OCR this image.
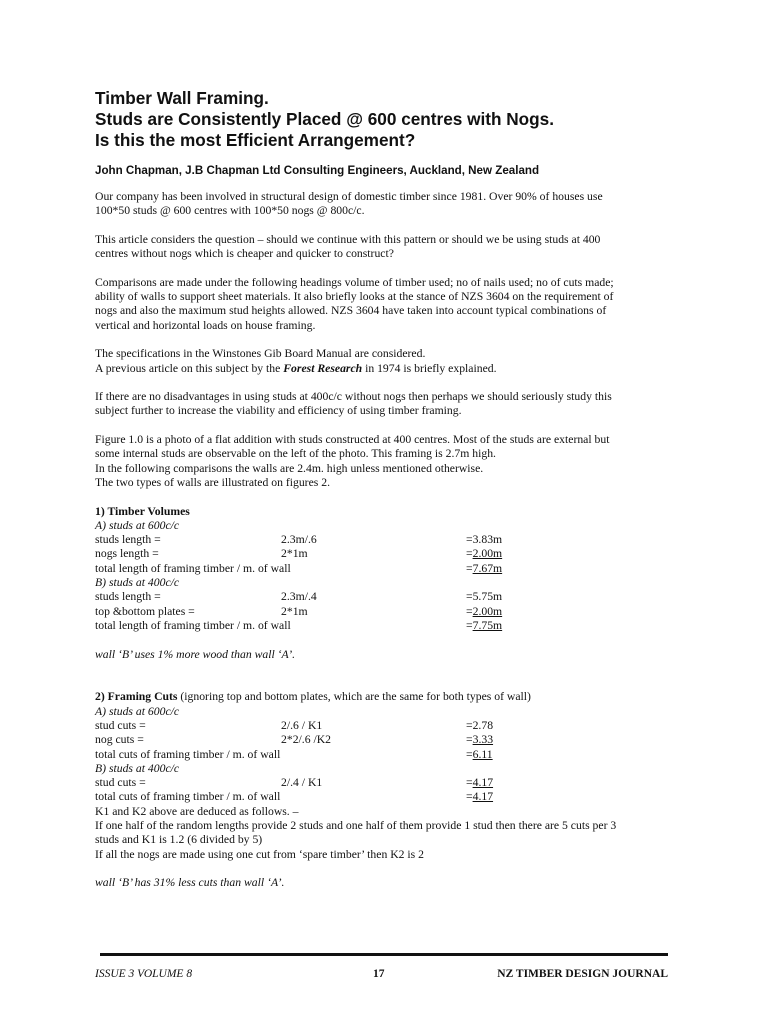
Timber Wall Framing.
Studs are Consistently Placed @ 600 centres with Nogs.
Is this the most Efficient Arrangement?
John Chapman, J.B Chapman Ltd Consulting Engineers, Auckland, New Zealand

Our company has been involved in structural design of domestic timber since 1981. Over 90% of houses use
100*50 studs @ 600 centres with 100*50 nogs @ 800c/c.

This article considers the question – should we continue with this pattern or should we be using studs at 400
centres without nogs which is cheaper and quicker to construct?

Comparisons are made under the following headings volume of timber used; no of nails used; no of cuts made;
ability of walls to support sheet materials. It also briefly looks at the stance of NZS 3604 on the requirement of
nogs and also the maximum stud heights allowed. NZS 3604 have taken into account typical combinations of
vertical and horizontal loads on house framing.

The specifications in the Winstones Gib Board Manual are considered.
A previous article on this subject by the Forest Research in 1974 is briefly explained.

If there are no disadvantages in using studs at 400c/c without nogs then perhaps we should seriously study this
subject further to increase the viability and efficiency of using timber framing.

Figure 1.0 is a photo of a flat addition with studs constructed at 400 centres. Most of the studs are external but
some internal studs are observable on the left of the photo. This framing is 2.7m high.
In the following comparisons the walls are 2.4m. high unless mentioned otherwise.
The two types of walls are illustrated on figures 2.

1) Timber Volumes
A) studs at 600c/c
studs length =	2.3m/.6	=3.83m
nogs length =	2*1m	=2.00m
total length of framing timber / m. of wall	=7.67m
B) studs at 400c/c
studs length =	2.3m/.4	=5.75m
top &bottom plates =	2*1m	=2.00m
total length of framing timber / m. of wall	=7.75m
wall ‘B’ uses 1% more wood than wall ‘A’.
2) Framing Cuts (ignoring top and bottom plates, which are the same for both types of wall)
A) studs at 600c/c
stud cuts =	2/.6 / K1	=2.78
nog cuts =	2*2/.6 /K2	=3.33
total cuts of framing timber / m. of wall	=6.11
B) studs at 400c/c
stud cuts =	2/.4 / K1	=4.17
total cuts of framing timber / m. of wall	=4.17
K1 and K2 above are deduced as follows. –
If one half of the random lengths provide 2 studs and one half of them provide 1 stud then there are 5 cuts per 3
studs and K1 is 1.2 (6 divided by 5)
If all the nogs are made using one cut from ‘spare timber’ then K2 is 2
wall ‘B’ has 31% less cuts than wall ‘A’.
ISSUE 3 VOLUME 8	17	NZ TIMBER DESIGN JOURNAL
